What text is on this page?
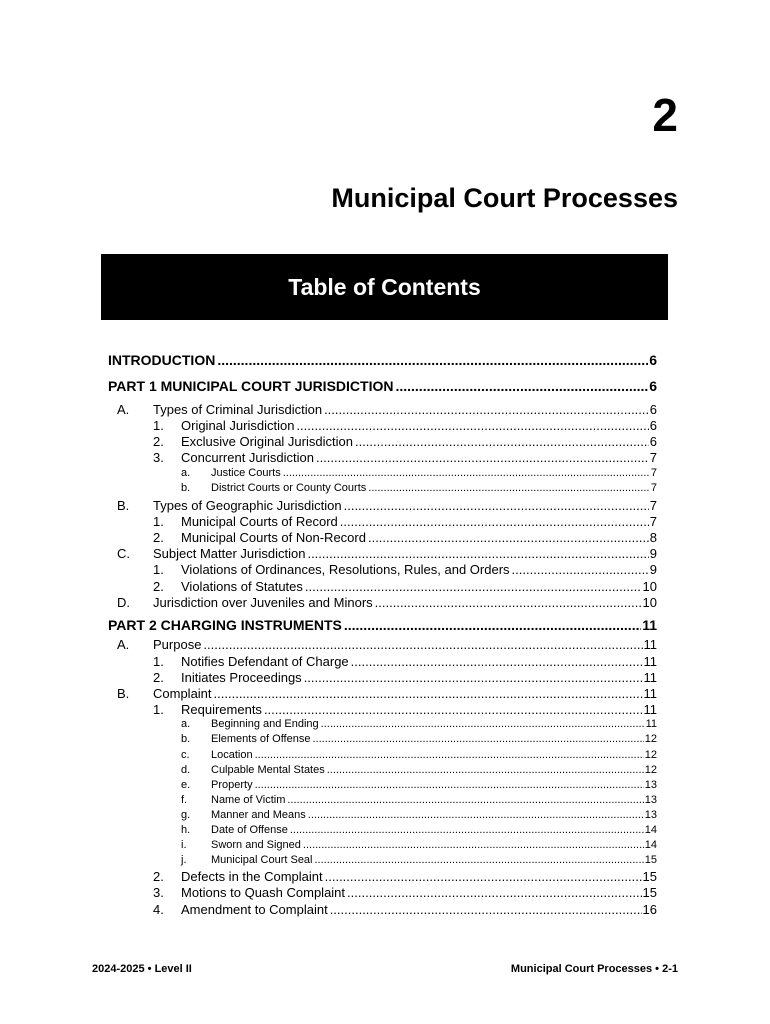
2
Municipal Court Processes
Table of Contents
INTRODUCTION .....	6
PART 1 MUNICIPAL COURT JURISDICTION .....	6
A.	Types of Criminal Jurisdiction .....	6
1.	Original Jurisdiction .....	6
2.	Exclusive Original Jurisdiction .....	6
3.	Concurrent Jurisdiction .....	7
a.	Justice Courts .....	7
b.	District Courts or County Courts .....	7
B.	Types of Geographic Jurisdiction .....	7
1.	Municipal Courts of Record .....	7
2.	Municipal Courts of Non-Record .....	8
C.	Subject Matter Jurisdiction .....	9
1.	Violations of Ordinances, Resolutions, Rules, and Orders .....	9
2.	Violations of Statutes .....	10
D.	Jurisdiction over Juveniles and Minors .....	10
PART 2 CHARGING INSTRUMENTS .....	11
A.	Purpose .....	11
1.	Notifies Defendant of Charge .....	11
2.	Initiates Proceedings .....	11
B.	Complaint .....	11
1.	Requirements .....	11
a.	Beginning and Ending .....	11
b.	Elements of Offense .....	12
c.	Location .....	12
d.	Culpable Mental States .....	12
e.	Property .....	13
f.	Name of Victim .....	13
g.	Manner and Means .....	13
h.	Date of Offense .....	14
i.	Sworn and Signed .....	14
j.	Municipal Court Seal .....	15
2.	Defects in the Complaint .....	15
3.	Motions to Quash Complaint .....	15
4.	Amendment to Complaint .....	16
2024-2025 • Level II	Municipal Court Processes • 2-1
